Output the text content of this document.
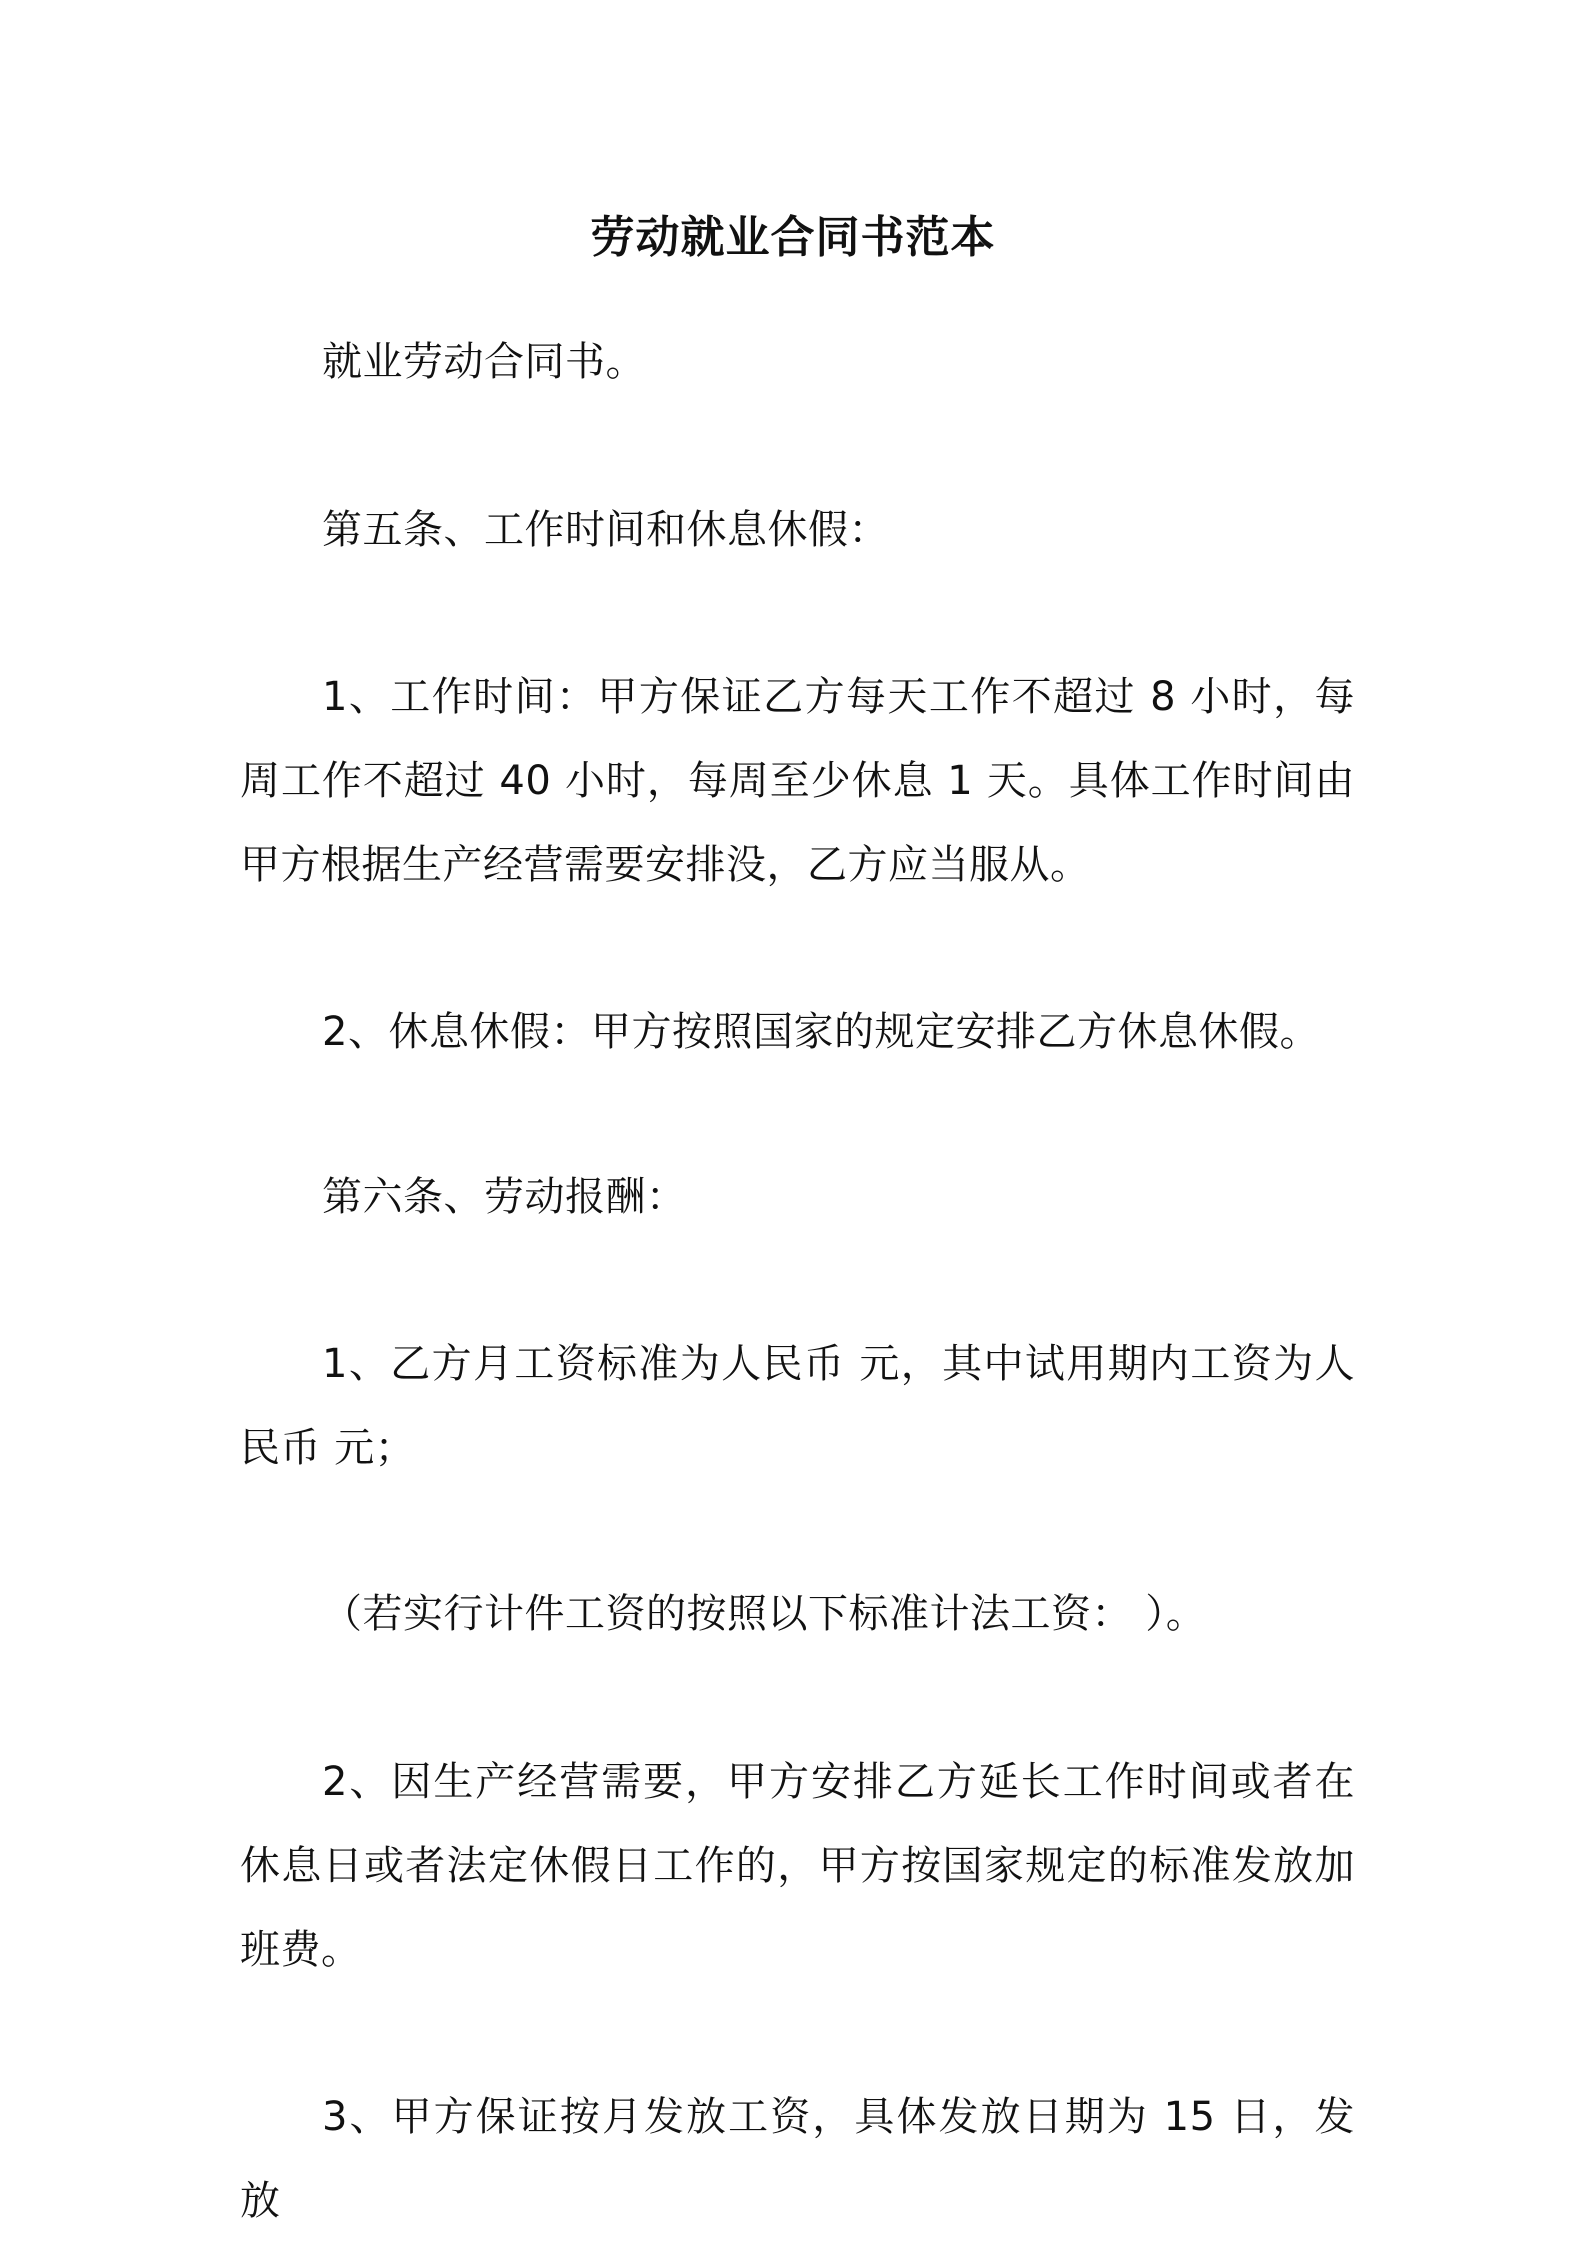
劳动就业合同书范本

就业劳动合同书。

第五条、工作时间和休息休假：

1、工作时间：甲方保证乙方每天工作不超过 8 小时，每周工作不超过 40 小时，每周至少休息 1 天。具体工作时间由甲方根据生产经营需要安排没，乙方应当服从。

2、休息休假：甲方按照国家的规定安排乙方休息休假。

第六条、劳动报酬：

1、乙方月工资标准为人民币 元，其中试用期内工资为人民币 元；

（若实行计件工资的按照以下标准计法工资： ）。

2、因生产经营需要，甲方安排乙方延长工作时间或者在休息日或者法定休假日工作的，甲方按国家规定的标准发放加班费。

3、甲方保证按月发放工资，具体发放日期为 15 日，发放
